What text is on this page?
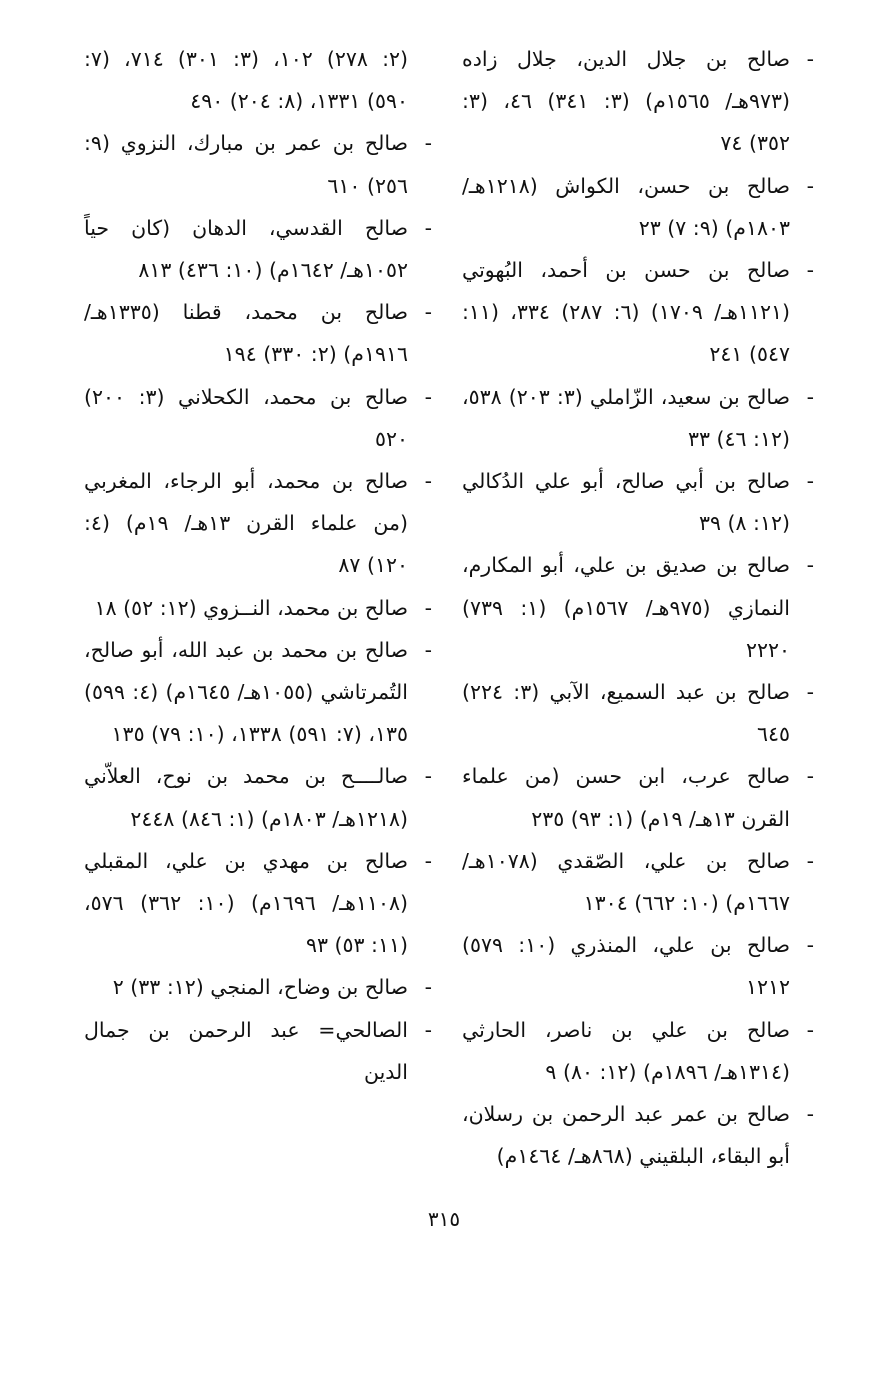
-صالح بن جلال الدين، جلال زاده (٩٧٣هـ/ ١٥٦٥م) (٣: ٣٤١) ٤٦، (٣: ٣٥٢) ٧٤

-صالح بن حسن، الكواش (١٢١٨هـ/ ١٨٠٣م) (٩: ٧) ٢٣

-صالح بن حسن بن أحمد، البُهوتي (١١٢١هـ/ ١٧٠٩) (٦: ٢٨٧) ٣٣٤، (١١: ٥٤٧) ٢٤١

-صالح بن سعيد، الزّاملي (٣: ٢٠٣) ٥٣٨، (١٢: ٤٦) ٣٣

-صالح بن أبي صالح، أبو علي الدُكالي (١٢: ٨) ٣٩

-صالح بن صديق بن علي، أبو المكارم، النمازي (٩٧٥هـ/ ١٥٦٧م) (١: ٧٣٩) ٢٢٢٠

-صالح بن عبد السميع، الآبي (٣: ٢٢٤) ٦٤٥

-صالح عرب، ابن حسن (من علماء القرن ١٣هـ/ ١٩م) (١: ٩٣) ٢٣٥

-صالح بن علي، الصّقدي (١٠٧٨هـ/ ١٦٦٧م) (١٠: ٦٦٢) ١٣٠٤

-صالح بن علي، المنذري (١٠: ٥٧٩) ١٢١٢

-صالح بن علي بن ناصر، الحارثي (١٣١٤هـ/ ١٨٩٦م) (١٢: ٨٠) ٩

-صالح بن عمر عبد الرحمن بن رسلان، أبو البقاء، البلقيني (٨٦٨هـ/ ١٤٦٤م)

(٢: ٢٧٨) ١٠٢، (٣: ٣٠١) ٧١٤، (٧: ٥٩٠) ١٣٣١، (٨: ٢٠٤) ٤٩٠

-صالح بن عمر بن مبارك، النزوي (٩: ٢٥٦) ٦١٠

-صالح القدسي، الدهان (كان حياً ١٠٥٢هـ/ ١٦٤٢م) (١٠: ٤٣٦) ٨١٣

-صالح بن محمد، قطنا (١٣٣٥هـ/ ١٩١٦م) (٢: ٣٣٠) ١٩٤

-صالح بن محمد، الكحلاني (٣: ٢٠٠) ٥٢٠

-صالح بن محمد، أبو الرجاء، المغربي (من علماء القرن ١٣هـ/ ١٩م) (٤: ١٢٠) ٨٧

-صالح بن محمد، النــزوي (١٢: ٥٢) ١٨

-صالح بن محمد بن عبد الله، أبو صالح، التُمرتاشي (١٠٥٥هـ/ ١٦٤٥م) (٤: ٥٩٩) ١٣٥، (٧: ٥٩١) ١٣٣٨، (١٠: ٧٩) ١٣٥

-صالــــح بن محمد بن نوح، العلاّني (١٢١٨هـ/ ١٨٠٣م) (١: ٨٤٦) ٢٤٤٨

-صالح بن مهدي بن علي، المقبلي (١١٠٨هـ/ ١٦٩٦م) (١٠: ٣٦٢) ٥٧٦، (١١: ٥٣) ٩٣

-صالح بن وضاح، المنجي (١٢: ٣٣) ٢

-الصالحي= عبد الرحمن بن جمال الدين

٣١٥
